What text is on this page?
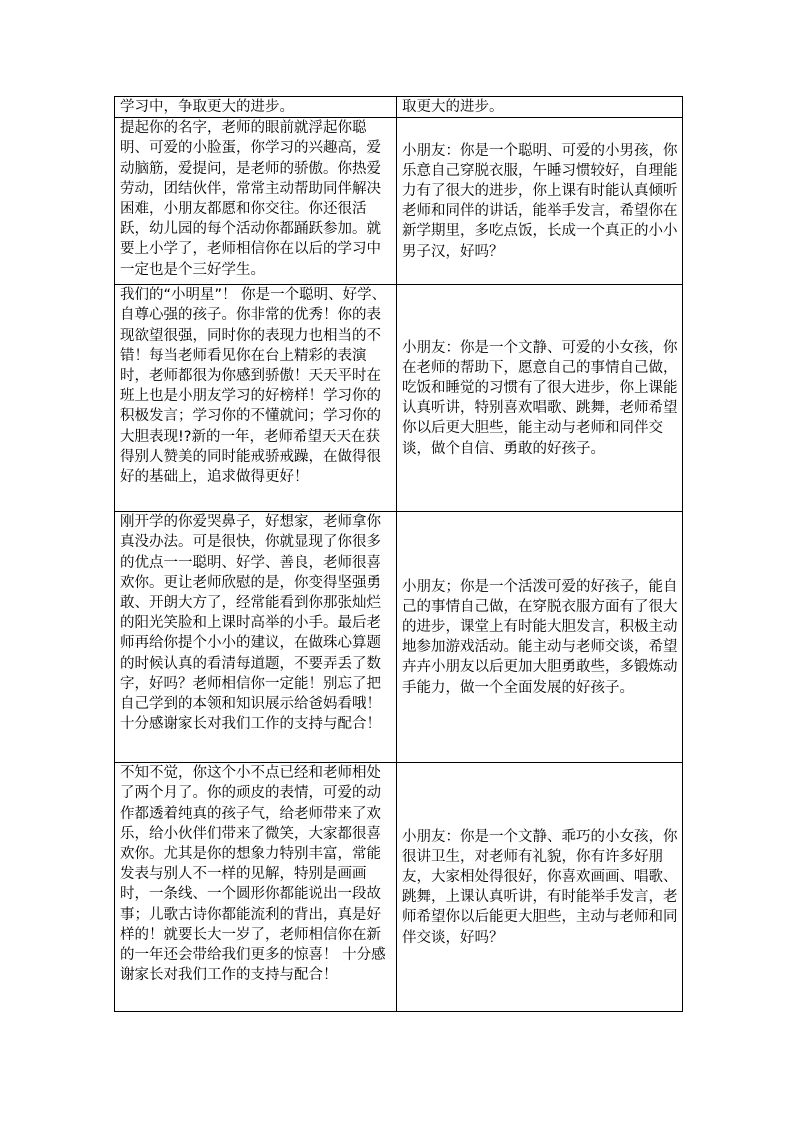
学习中，争取更大的进步。	取更大的进步。
提起你的名字，老师的眼前就浮起你聪明、可爱的小脸蛋，你学习的兴趣高，爱动脑筋，爱提问，是老师的骄傲。你热爱劳动，团结伙伴，常常主动帮助同伴解决困难，小朋友都愿和你交往。你还很活跃，幼儿园的每个活动你都踊跃参加。就要上小学了，老师相信你在以后的学习中一定也是个三好学生。	小朋友：你是一个聪明、可爱的小男孩，你乐意自己穿脱衣服，午睡习惯较好，自理能力有了很大的进步，你上课有时能认真倾听老师和同伴的讲话，能举手发言，希望你在新学期里，多吃点饭，长成一个真正的小小男子汉，好吗？
我们的“小明星”！ 你是一个聪明、好学、自尊心强的孩子。你非常的优秀！你的表现欲望很强，同时你的表现力也相当的不错！每当老师看见你在台上精彩的表演时，老师都很为你感到骄傲！天天平时在班上也是小朋友学习的好榜样！学习你的积极发言；学习你的不懂就问；学习你的大胆表现!?新的一年，老师希望天天在获得别人赞美的同时能戒骄戒躁，在做得很好的基础上，追求做得更好！	小朋友：你是一个文静、可爱的小女孩，你在老师的帮助下，愿意自己的事情自己做，吃饭和睡觉的习惯有了很大进步，你上课能认真听讲，特别喜欢唱歌、跳舞，老师希望你以后更大胆些，能主动与老师和同伴交谈，做个自信、勇敢的好孩子。
刚开学的你爱哭鼻子，好想家，老师拿你真没办法。可是很快，你就显现了你很多的优点一一聪明、好学、善良，老师很喜欢你。更让老师欣慰的是，你变得坚强勇敢、开朗大方了，经常能看到你那张灿烂的阳光笑脸和上课时高举的小手。最后老师再给你提个小小的建议，在做珠心算题的时候认真的看清每道题，不要弄丢了数字，好吗？老师相信你一定能！别忘了把自己学到的本领和知识展示给爸妈看哦！ 十分感谢家长对我们工作的支持与配合！	小朋友；你是一个活泼可爱的好孩子，能自己的事情自己做，在穿脱衣服方面有了很大的进步，课堂上有时能大胆发言，积极主动地参加游戏活动。能主动与老师交谈，希望卉卉小朋友以后更加大胆勇敢些，多锻炼动手能力，做一个全面发展的好孩子。
不知不觉，你这个小不点已经和老师相处了两个月了。你的顽皮的表情，可爱的动作都透着纯真的孩子气，给老师带来了欢乐，给小伙伴们带来了微笑，大家都很喜欢你。尤其是你的想象力特别丰富，常能发表与别人不一样的见解，特别是画画时，一条线、一个圆形你都能说出一段故事；儿歌古诗你都能流利的背出，真是好样的！就要长大一岁了，老师相信你在新的一年还会带给我们更多的惊喜！ 十分感谢家长对我们工作的支持与配合！	小朋友：你是一个文静、乖巧的小女孩，你很讲卫生，对老师有礼貌，你有许多好朋友，大家相处得很好，你喜欢画画、唱歌、跳舞，上课认真听讲，有时能举手发言，老师希望你以后能更大胆些，主动与老师和同伴交谈，好吗？
